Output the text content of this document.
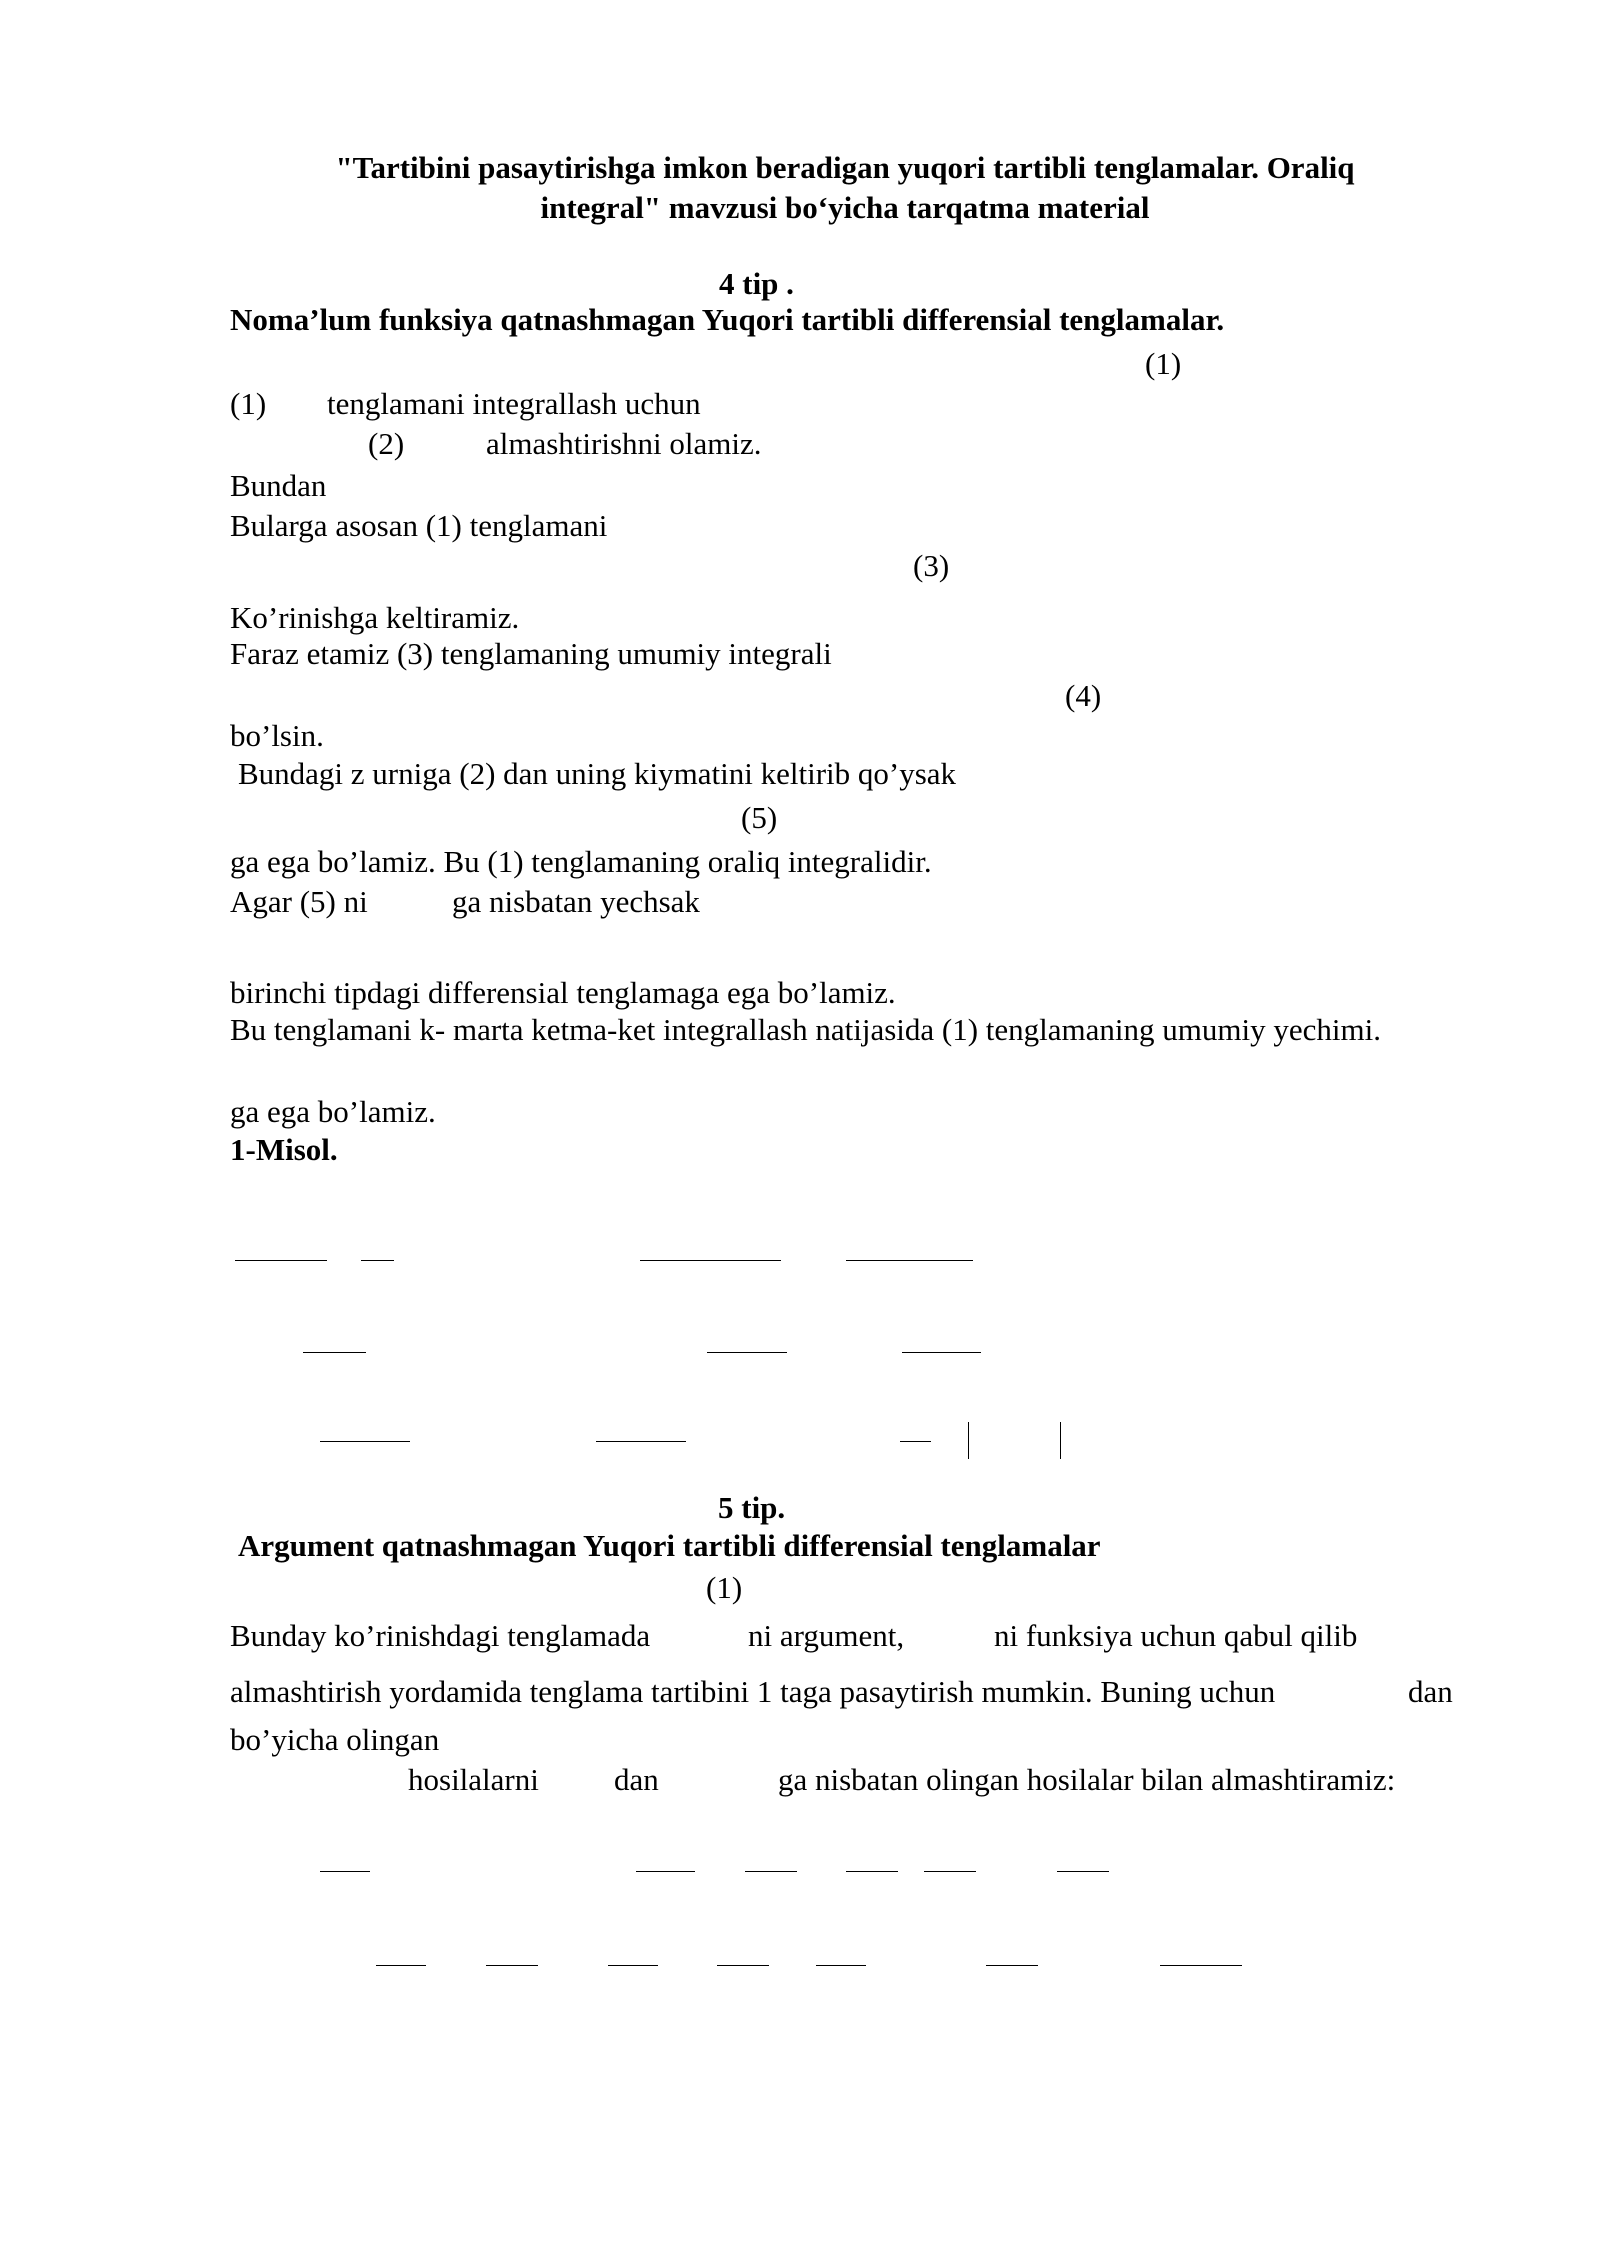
"Tartibini pasaytirishga imkon beradigan yuqori tartibli tenglamalar. Oraliq
integral" mavzusi bo‘yicha tarqatma material
4 tip .
Noma’lum funksiya qatnashmagan Yuqori tartibli differensial tenglamalar.
(1)
(1) tenglamani integrallash uchun
(2)	almashtirishni olamiz.
Bundan
Bularga asosan (1) tenglamani
(3)
Ko’rinishga keltiramiz.
Faraz etamiz (3) tenglamaning umumiy integrali
(4)
bo’lsin.
Bundagi z urniga (2) dan uning kiymatini keltirib qo’ysak
(5)
ga ega bo’lamiz. Bu (1) tenglamaning oraliq integralidir.
Agar (5) ni	ga nisbatan yechsak
birinchi tipdagi differensial tenglamaga ega bo’lamiz.
Bu tenglamani k- marta ketma-ket integrallash natijasida (1) tenglamaning umumiy yechimi.
ga ega bo’lamiz.
1-Misol.
5 tip.
Argument qatnashmagan Yuqori tartibli differensial tenglamalar
(1)
Bunday ko’rinishdagi tenglamada	ni argument,	ni funksiya uchun qabul qilib
almashtirish yordamida tenglama tartibini 1 taga pasaytirish mumkin. Buning uchun	dan
bo’yicha olingan
hosilalarni dan	ga nisbatan olingan hosilalar bilan almashtiramiz:
